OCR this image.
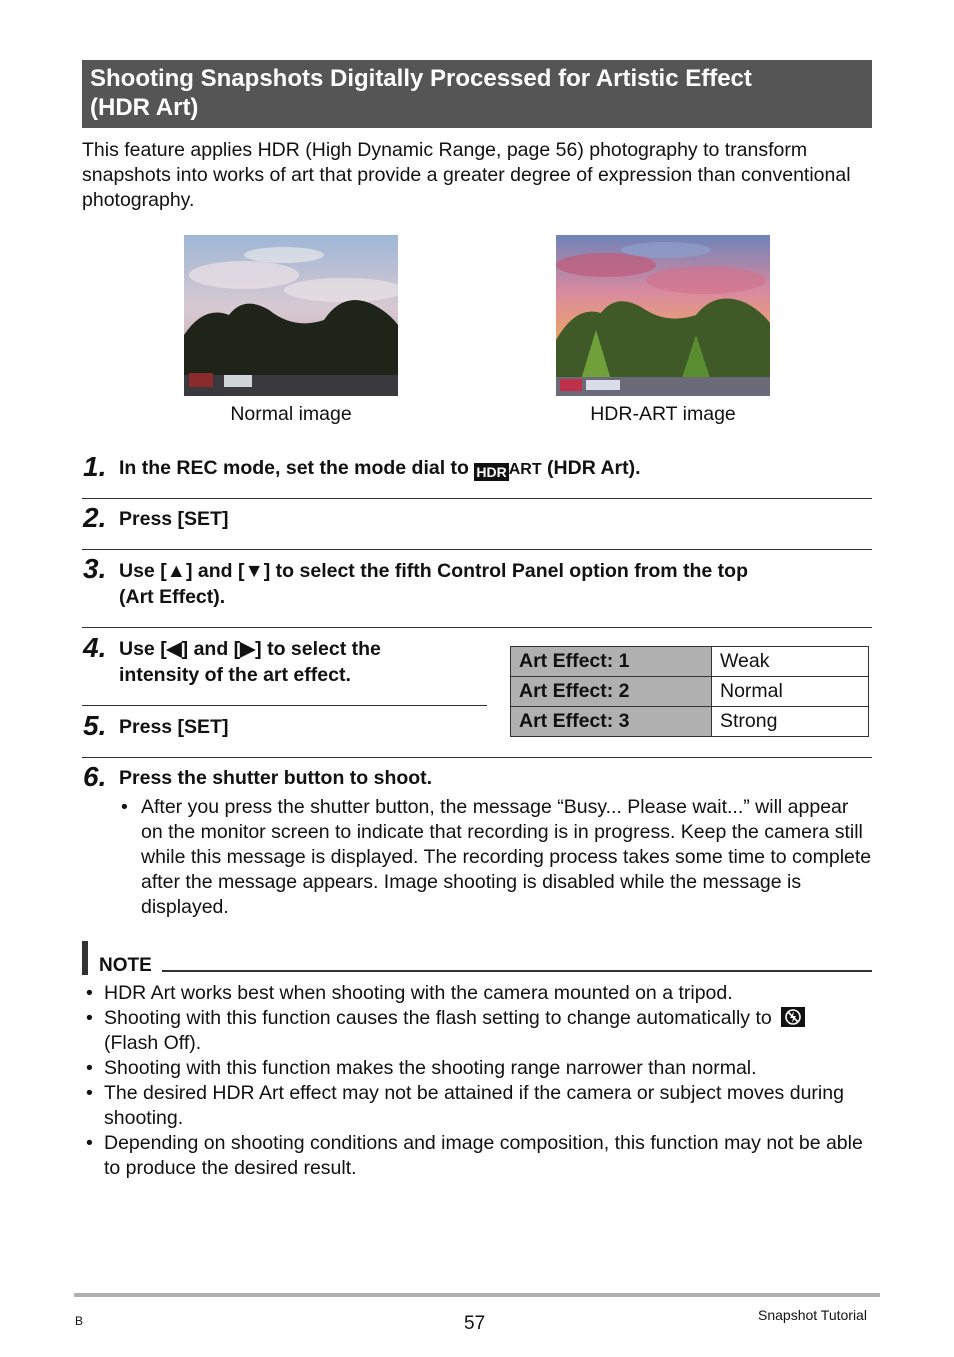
Shooting Snapshots Digitally Processed for Artistic Effect
(HDR Art)
This feature applies HDR (High Dynamic Range, page 56) photography to transform snapshots into works of art that provide a greater degree of expression than conventional photography.
Normal image	HDR-ART image
1. In the REC mode, set the mode dial to HDR ART (HDR Art).
2. Press [SET]
3. Use [▲] and [▼] to select the fifth Control Panel option from the top
(Art Effect).
4. Use [◀] and [▶] to select the
intensity of the art effect.
Art Effect: 1	Weak
Art Effect: 2	Normal
Art Effect: 3	Strong
5. Press [SET]
6. Press the shutter button to shoot.
• After you press the shutter button, the message “Busy... Please wait...” will appear on the monitor screen to indicate that recording is in progress. Keep the camera still while this message is displayed. The recording process takes some time to complete after the message appears. Image shooting is disabled while the message is displayed.
NOTE
• HDR Art works best when shooting with the camera mounted on a tripod.
• Shooting with this function causes the flash setting to change automatically to
(Flash Off).
• Shooting with this function makes the shooting range narrower than normal.
• The desired HDR Art effect may not be attained if the camera or subject moves during shooting.
• Depending on shooting conditions and image composition, this function may not be able to produce the desired result.
B	57	Snapshot Tutorial
